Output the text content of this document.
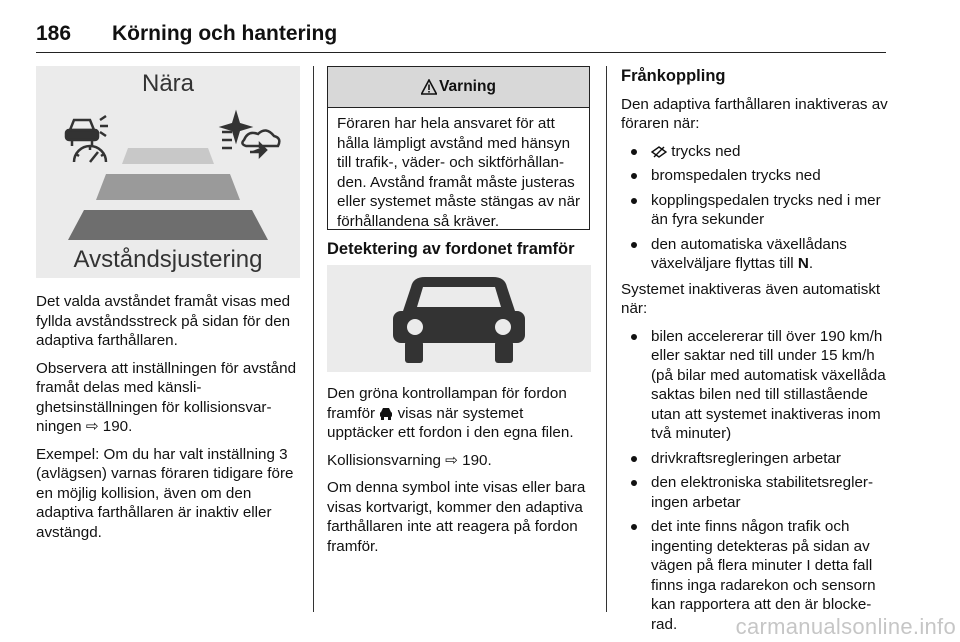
186 Körning och hantering
Nära
Avståndsjustering

Det valda avståndet framåt visas med fyllda avståndsstreck på sidan för den adaptiva farthållaren.

Observera att inställningen för avstånd framåt delas med känslighetsinställningen för kollisionsvarningen ⇨ 190.

Exempel: Om du har valt inställning 3 (avlägsen) varnas föraren tidigare före en möjlig kollision, även om den adaptiva farthållaren är inaktiv eller avstängd.

Varning
Föraren har hela ansvaret för att hålla lämpligt avstånd med hänsyn till trafik-, väder- och siktförhållanden. Avstånd framåt måste justeras eller systemet måste stängas av när förhållandena så kräver.
Detektering av fordonet framför

Den gröna kontrollampan för fordon framför visas när systemet upptäcker ett fordon i den egna filen.

Kollisionsvarning ⇨ 190.

Om denna symbol inte visas eller bara visas kortvarigt, kommer den adaptiva farthållaren inte att reagera på fordon framför.

Frånkoppling

Den adaptiva farthållaren inaktiveras av föraren när:

trycks ned
bromspedalen trycks ned
kopplingspedalen trycks ned i mer än fyra sekunder
den automatiska växellådans växelväljare flyttas till N.

Systemet inaktiveras även automatiskt när:

bilen accelererar till över 190 km/h eller saktar ned till under 15 km/h (på bilar med automatisk växellåda saktas bilen ned till stillastående utan att systemet inaktiveras inom två minuter)
drivkraftsregleringen arbetar
den elektroniska stabilitetsregleringen arbetar
det inte finns någon trafik och ingenting detekteras på sidan av vägen på flera minuter I detta fall finns inga radarekon och sensorn kan rapportera att den är blockerad.	carmanualsonline.info
